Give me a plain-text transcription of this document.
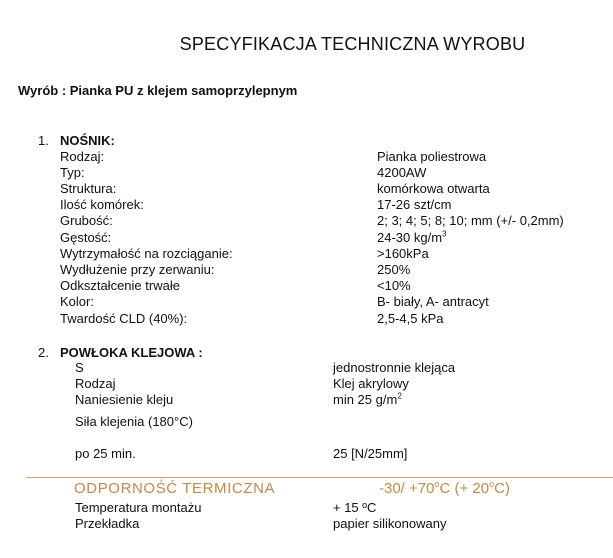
SPECYFIKACJA TECHNICZNA WYROBU
Wyrób : Pianka PU z klejem samoprzylepnym
1. NOŚNIK:
Rodzaj:	Pianka poliestrowa
Typ:	4200AW
Struktura:	komórkowa otwarta
Ilość komórek:	17-26 szt/cm
Grubość:	2; 3; 4; 5; 8; 10; mm (+/- 0,2mm)
Gęstość:	24-30 $kg/m^3$
Wytrzymałość na rozciąganie:	>160kPa
Wydłużenie przy zerwaniu:	250%
Odkształcenie trwałe	<10%
Kolor:	B- biały, A- antracyt
Twardość CLD (40%):	2,5-4,5 kPa
2. POWŁOKA KLEJOWA :
S	jednostronnie klejąca
Rodzaj	Klej akrylowy
Naniesienie kleju	min 25 $g/m^2$
Siła klejenia (180°C)
po 25 min.	25 [N/25mm]
ODPORNOŚĆ TERMICZNA	$-30/ +70^oC$ (+ $20^oC$)
Temperatura montażu	+ 15 ºC
Przekładka	papier silikonowany
